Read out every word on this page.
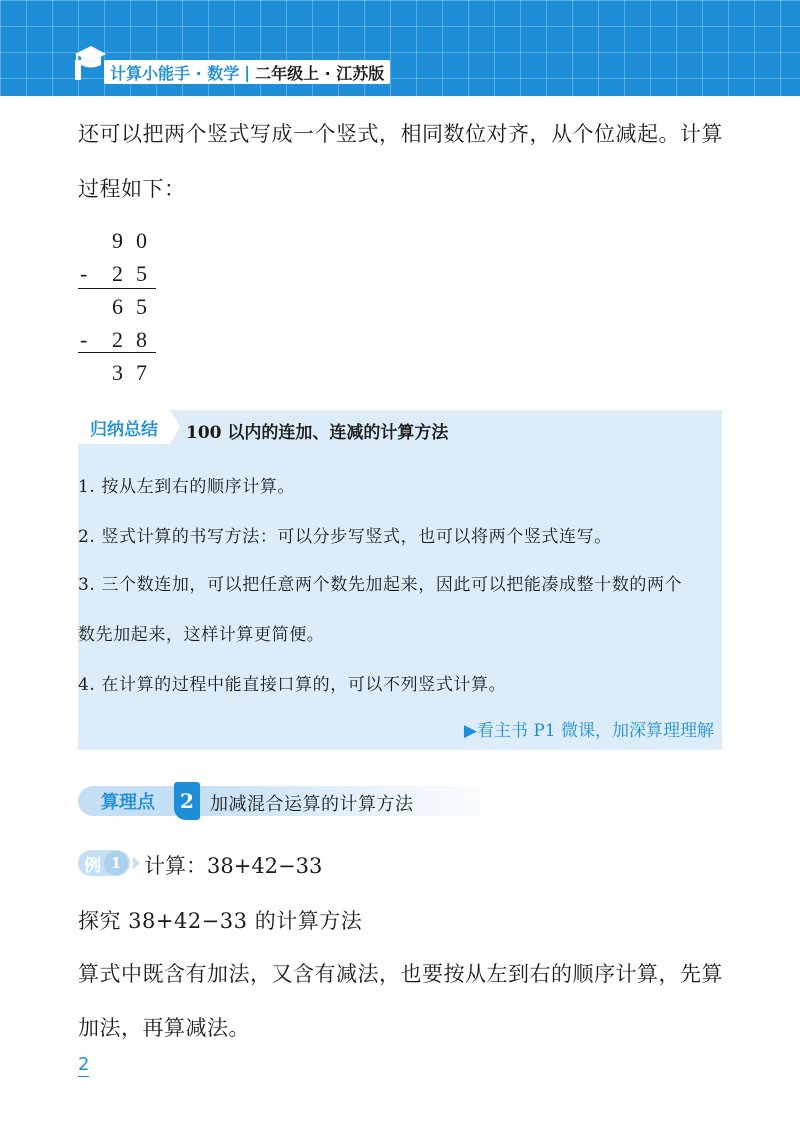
计算小能手 · 数学 | 二年级上 · 江苏版
还可以把两个竖式写成一个竖式，相同数位对齐，从个位减起。计算
过程如下：
9 0
- 2 5
6 5
- 2 8
3 7
归纳总结	100 以内的连加、连减的计算方法
1. 按从左到右的顺序计算。
2. 竖式计算的书写方法：可以分步写竖式，也可以将两个竖式连写。
3. 三个数连加，可以把任意两个数先加起来，因此可以把能凑成整十数的两个
数先加起来，这样计算更简便。
4. 在计算的过程中能直接口算的，可以不列竖式计算。
▶看主书 P1 微课，加深算理理解
算理点	2 加减混合运算的计算方法
例 1	计算：38+42−33
探究 38+42−33 的计算方法
算式中既含有加法，又含有减法，也要按从左到右的顺序计算，先算
加法，再算减法。
2
